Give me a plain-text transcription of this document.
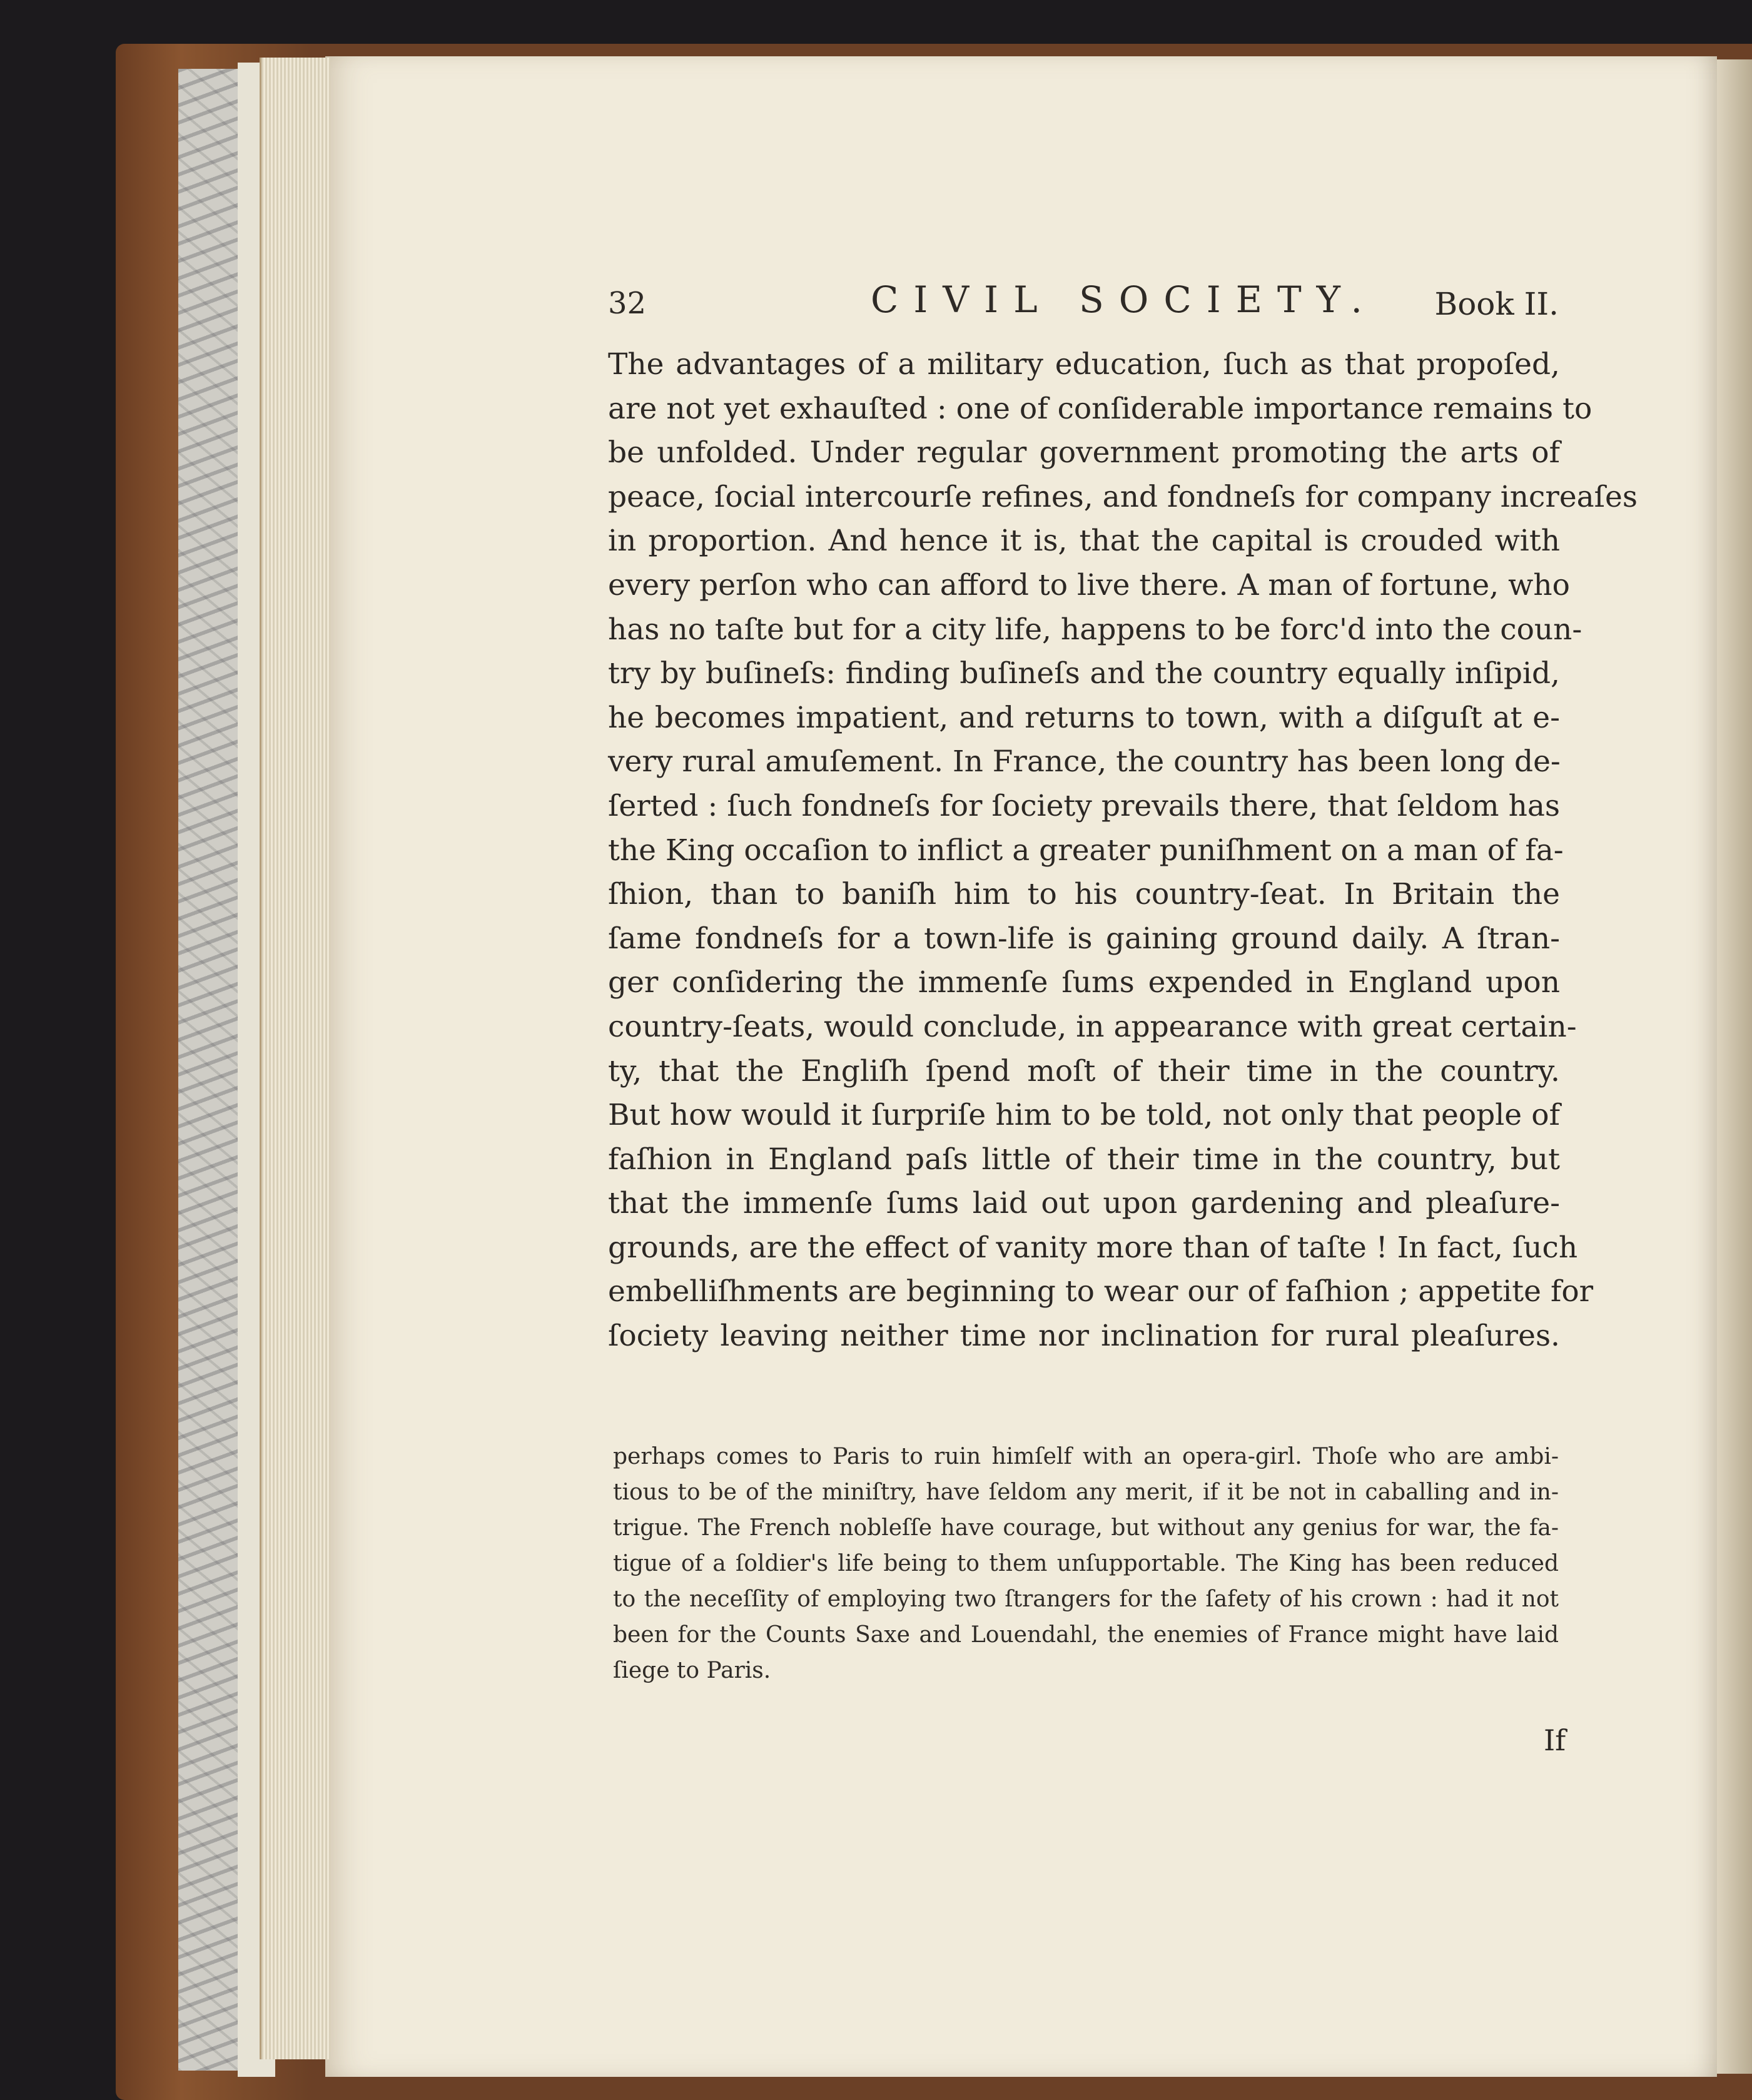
32	CIVIL SOCIETY. Book II.
The advantages of a military education, ſuch as that propoſed,
are not yet exhauſted : one of conſiderable importance remains to
be unfolded. Under regular government promoting the arts of
peace, ſocial intercourſe refines, and fondneſs for company increaſes
in proportion. And hence it is, that the capital is crouded with
every perſon who can afford to live there. A man of fortune, who
has no taſte but for a city life, happens to be forc'd into the coun-
try by buſineſs: finding buſineſs and the country equally inſipid,
he becomes impatient, and returns to town, with a diſguſt at e-
very rural amuſement. In France, the country has been long de-
ſerted : ſuch fondneſs for ſociety prevails there, that ſeldom has
the King occaſion to inflict a greater puniſhment on a man of fa-
ſhion, than to baniſh him to his country-ſeat. In Britain the
ſame fondneſs for a town-life is gaining ground daily. A ſtran-
ger conſidering the immenſe ſums expended in England upon
country-ſeats, would conclude, in appearance with great certain-
ty, that the Engliſh ſpend moſt of their time in the country.
But how would it ſurpriſe him to be told, not only that people of
faſhion in England paſs little of their time in the country, but
that the immenſe ſums laid out upon gardening and pleaſure-
grounds, are the effect of vanity more than of taſte ! In fact, ſuch
embelliſhments are beginning to wear our of faſhion ; appetite for
ſociety leaving neither time nor inclination for rural pleaſures.
perhaps comes to Paris to ruin himſelf with an opera-girl. Thoſe who are ambi-
tious to be of the miniſtry, have ſeldom any merit, if it be not in caballing and in-
trigue. The French nobleſſe have courage, but without any genius for war, the fa-
tigue of a ſoldier's life being to them unſupportable. The King has been reduced
to the neceſſity of employing two ſtrangers for the ſafety of his crown : had it not
been for the Counts Saxe and Louendahl, the enemies of France might have laid
ſiege to Paris.
If
